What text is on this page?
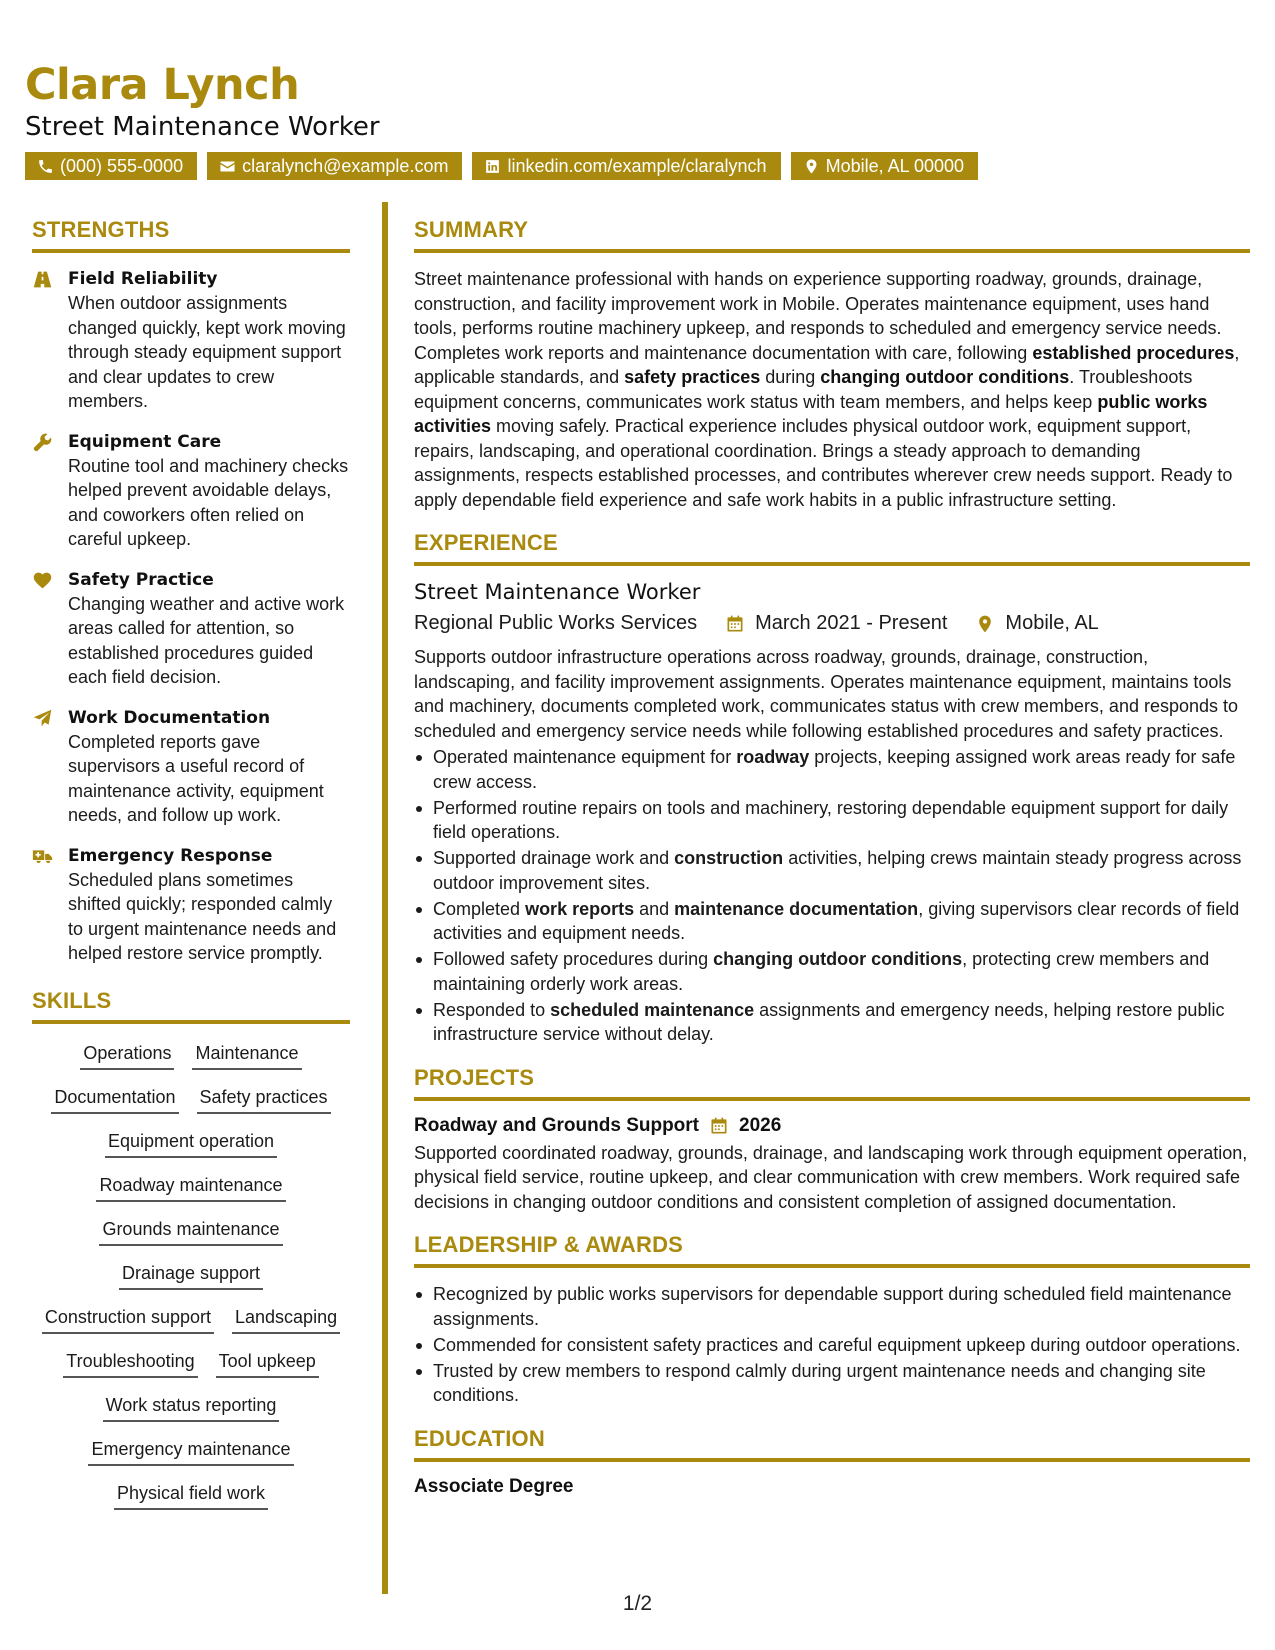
Clara Lynch
Street Maintenance Worker
(000) 555-0000	claralynch@example.com	linkedin.com/example/claralynch	Mobile, AL 00000
STRENGTHS
Field Reliability
When outdoor assignments changed quickly, kept work moving through steady equipment support and clear updates to crew members.
Equipment Care
Routine tool and machinery checks helped prevent avoidable delays, and coworkers often relied on careful upkeep.
Safety Practice
Changing weather and active work areas called for attention, so established procedures guided each field decision.
Work Documentation
Completed reports gave supervisors a useful record of maintenance activity, equipment needs, and follow up work.
Emergency Response
Scheduled plans sometimes shifted quickly; responded calmly to urgent maintenance needs and helped restore service promptly.
SKILLS
Operations Maintenance
Documentation Safety practices
Equipment operation
Roadway maintenance
Grounds maintenance
Drainage support
Construction support Landscaping
Troubleshooting Tool upkeep
Work status reporting
Emergency maintenance
Physical field work
SUMMARY
Street maintenance professional with hands on experience supporting roadway, grounds, drainage, construction, and facility improvement work in Mobile. Operates maintenance equipment, uses hand tools, performs routine machinery upkeep, and responds to scheduled and emergency service needs. Completes work reports and maintenance documentation with care, following established procedures, applicable standards, and safety practices during changing outdoor conditions. Troubleshoots equipment concerns, communicates work status with team members, and helps keep public works activities moving safely. Practical experience includes physical outdoor work, equipment support, repairs, landscaping, and operational coordination. Brings a steady approach to demanding assignments, respects established processes, and contributes wherever crew needs support. Ready to apply dependable field experience and safe work habits in a public infrastructure setting.
EXPERIENCE
Street Maintenance Worker
Regional Public Works Services	March 2021 - Present	Mobile, AL
Supports outdoor infrastructure operations across roadway, grounds, drainage, construction, landscaping, and facility improvement assignments. Operates maintenance equipment, maintains tools and machinery, documents completed work, communicates status with crew members, and responds to scheduled and emergency service needs while following established procedures and safety practices.
Operated maintenance equipment for roadway projects, keeping assigned work areas ready for safe crew access.
Performed routine repairs on tools and machinery, restoring dependable equipment support for daily field operations.
Supported drainage work and construction activities, helping crews maintain steady progress across outdoor improvement sites.
Completed work reports and maintenance documentation, giving supervisors clear records of field activities and equipment needs.
Followed safety procedures during changing outdoor conditions, protecting crew members and maintaining orderly work areas.
Responded to scheduled maintenance assignments and emergency needs, helping restore public infrastructure service without delay.
PROJECTS
Roadway and Grounds Support 2026
Supported coordinated roadway, grounds, drainage, and landscaping work through equipment operation, physical field service, routine upkeep, and clear communication with crew members. Work required safe decisions in changing outdoor conditions and consistent completion of assigned documentation.
LEADERSHIP & AWARDS
Recognized by public works supervisors for dependable support during scheduled field maintenance assignments.
Commended for consistent safety practices and careful equipment upkeep during outdoor operations.
Trusted by crew members to respond calmly during urgent maintenance needs and changing site conditions.
EDUCATION
Associate Degree
1/2
